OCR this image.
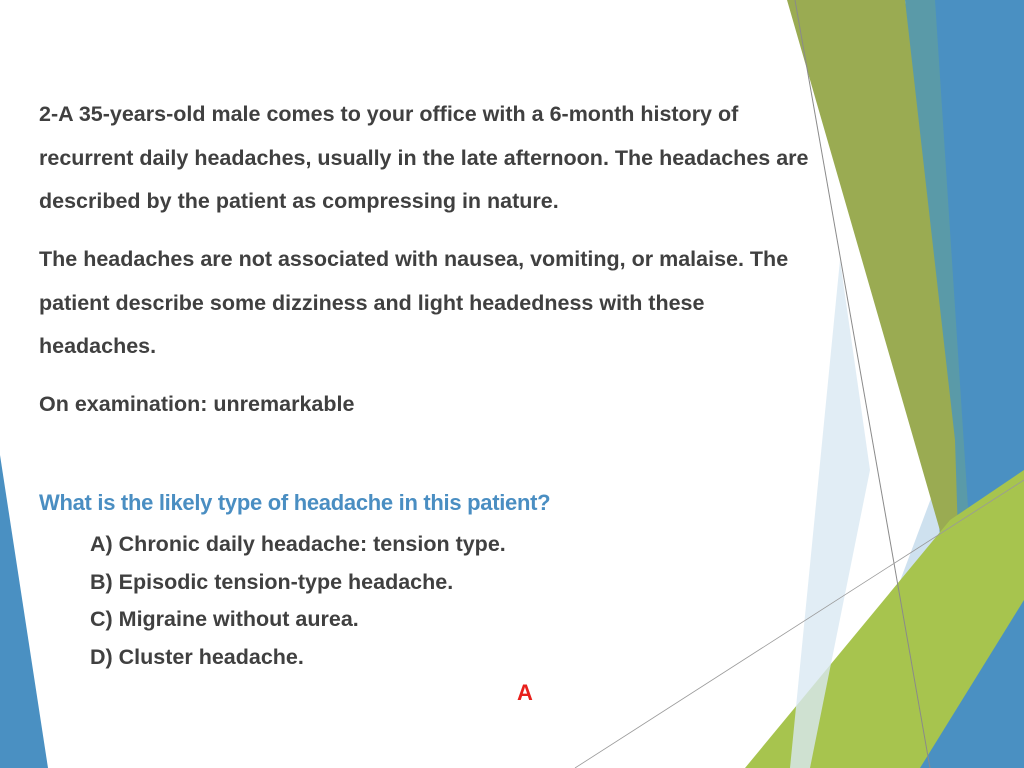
2-A 35-years-old male comes to your office with a 6-month history of recurrent daily headaches, usually in the late afternoon. The headaches are described by the patient as compressing in nature.

The headaches are not associated with nausea, vomiting, or malaise. The patient describe some dizziness and light headedness with these headaches.

On examination: unremarkable

What is the likely type of headache in this patient?

A) Chronic daily headache: tension type.
B) Episodic tension-type headache.
C) Migraine without aurea.
D) Cluster headache.

A
